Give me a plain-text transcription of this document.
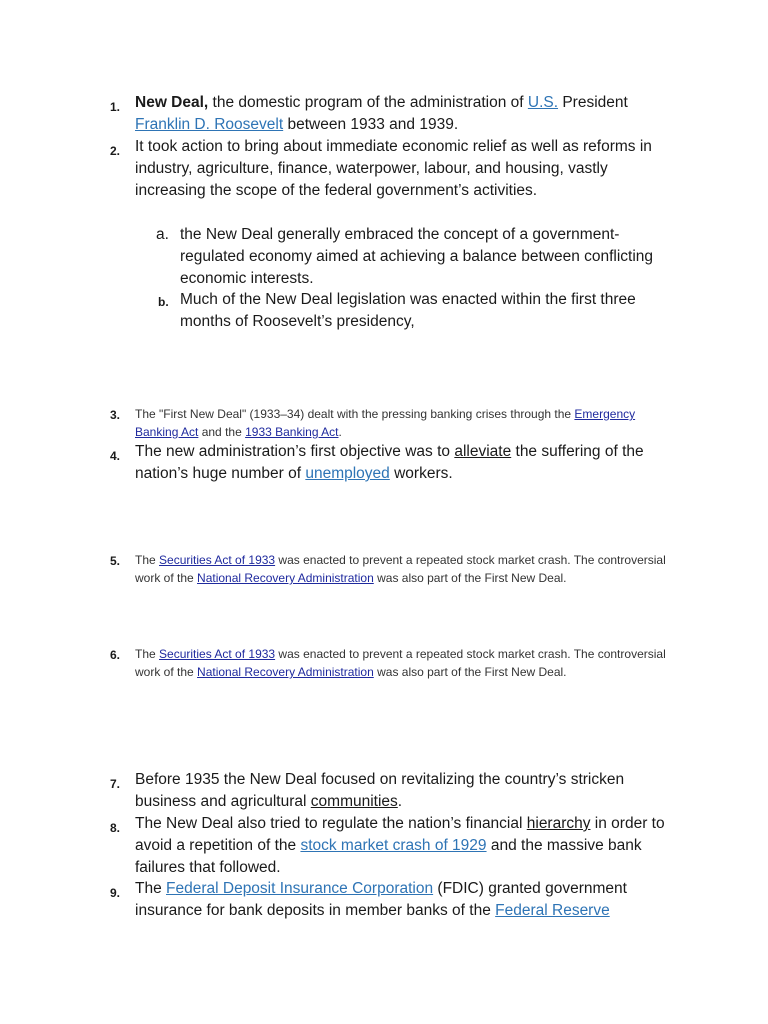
1. New Deal, the domestic program of the administration of U.S. President Franklin D. Roosevelt between 1933 and 1939.
2. It took action to bring about immediate economic relief as well as reforms in industry, agriculture, finance, waterpower, labour, and housing, vastly increasing the scope of the federal government’s activities.
a. the New Deal generally embraced the concept of a government-regulated economy aimed at achieving a balance between conflicting economic interests.
b. Much of the New Deal legislation was enacted within the first three months of Roosevelt’s presidency,
3.	The "First New Deal" (1933–34) dealt with the pressing banking crises through the Emergency Banking Act and the 1933 Banking Act.
4. The new administration’s first objective was to alleviate the suffering of the nation’s huge number of unemployed workers.
5.	The Securities Act of 1933 was enacted to prevent a repeated stock market crash. The controversial work of the National Recovery Administration was also part of the First New Deal.
6.	The Securities Act of 1933 was enacted to prevent a repeated stock market crash. The controversial work of the National Recovery Administration was also part of the First New Deal.
7. Before 1935 the New Deal focused on revitalizing the country’s stricken business and agricultural communities.
8. The New Deal also tried to regulate the nation’s financial hierarchy in order to avoid a repetition of the stock market crash of 1929 and the massive bank failures that followed.
9. The Federal Deposit Insurance Corporation (FDIC) granted government insurance for bank deposits in member banks of the Federal Reserve
